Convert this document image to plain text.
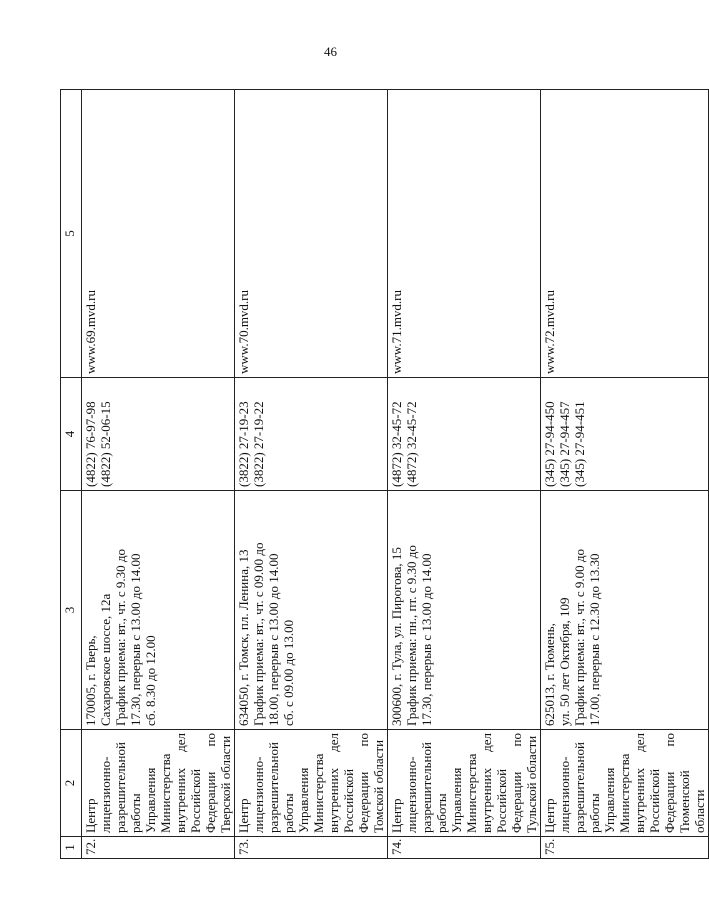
46
1	2	3	4	5
72.	Центр лицензионно-разрешительной работы Управления Министерства внутренних дел Российской Федерации по Тверской области	170005, г. Тверь, Сахаровское шоссе, 12а График приема: вт., чт. с 9.30 до 17.30, перерыв с 13.00 до 14.00 сб. 8.30 до 12.00	(4822) 76-97-98 (4822) 52-06-15	www.69.mvd.ru
73.	Центр лицензионно-разрешительной работы Управления Министерства внутренних дел Российской Федерации по Томской области	634050, г. Томск, пл. Ленина, 13 График приема: вт., чт. с 09.00 до 18.00, перерыв с 13.00 до 14.00 сб. с 09.00 до 13.00	(3822) 27-19-23 (3822) 27-19-22	www.70.mvd.ru
74.	Центр лицензионно-разрешительной работы Управления Министерства внутренних дел Российской Федерации по Тульской области	300600, г. Тула, ул. Пирогова, 15 График приема: пн., пт. с 9.30 до 17.30, перерыв с 13.00 до 14.00	(4872) 32-45-72 (4872) 32-45-72	www.71.mvd.ru
75.	Центр лицензионно-разрешительной работы Управления Министерства внутренних дел Российской Федерации по Тюменской области	625013, г. Тюмень, ул. 50 лет Октября, 109 График приема: вт., чт. с 9.00 до 17.00, перерыв с 12.30 до 13.30	(345) 27-94-450 (345) 27-94-457 (345) 27-94-451	www.72.mvd.ru
